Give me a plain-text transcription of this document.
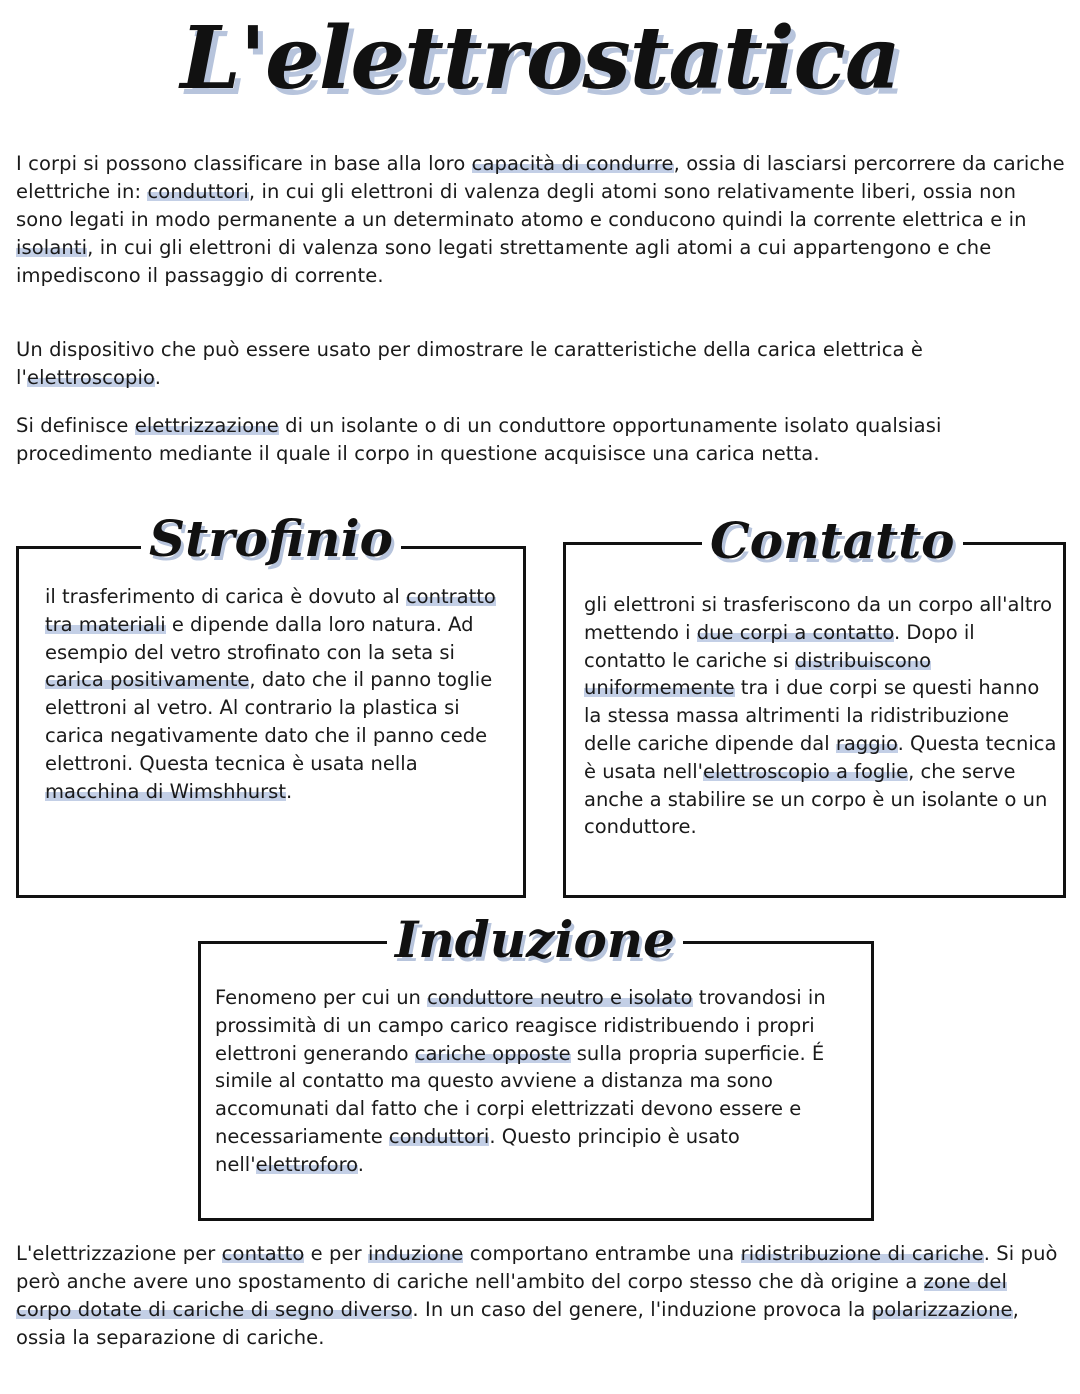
L'elettrostatica

I corpi si possono classificare in base alla loro capacità di condurre, ossia di lasciarsi percorrere da cariche elettriche in: conduttori, in cui gli elettroni di valenza degli atomi sono relativamente liberi, ossia non sono legati in modo permanente a un determinato atomo e conducono quindi la corrente elettrica e in isolanti, in cui gli elettroni di valenza sono legati strettamente agli atomi a cui appartengono e che impediscono il passaggio di corrente.

Un dispositivo che può essere usato per dimostrare le caratteristiche della carica elettrica è l'elettroscopio.

Si definisce elettrizzazione di un isolante o di un conduttore opportunamente isolato qualsiasi procedimento mediante il quale il corpo in questione acquisisce una carica netta.

Strofinio

il trasferimento di carica è dovuto al contratto tra materiali e dipende dalla loro natura. Ad esempio del vetro strofinato con la seta si carica positivamente, dato che il panno toglie elettroni al vetro. Al contrario la plastica si carica negativamente dato che il panno cede elettroni. Questa tecnica è usata nella macchina di Wimshhurst.

Contatto

gli elettroni si trasferiscono da un corpo all'altro mettendo i due corpi a contatto. Dopo il contatto le cariche si distribuiscono uniformemente tra i due corpi se questi hanno la stessa massa altrimenti la ridistribuzione delle cariche dipende dal raggio. Questa tecnica è usata nell'elettroscopio a foglie, che serve anche a stabilire se un corpo è un isolante o un conduttore.

Induzione

Fenomeno per cui un conduttore neutro e isolato trovandosi in prossimità di un campo carico reagisce ridistribuendo i propri elettroni generando cariche opposte sulla propria superficie. É simile al contatto ma questo avviene a distanza ma sono accomunati dal fatto che i corpi elettrizzati devono essere e necessariamente conduttori. Questo principio è usato nell'elettroforo.

L'elettrizzazione per contatto e per induzione comportano entrambe una ridistribuzione di cariche. Si può però anche avere uno spostamento di cariche nell'ambito del corpo stesso che dà origine a zone del corpo dotate di cariche di segno diverso. In un caso del genere, l'induzione provoca la polarizzazione, ossia la separazione di cariche.
